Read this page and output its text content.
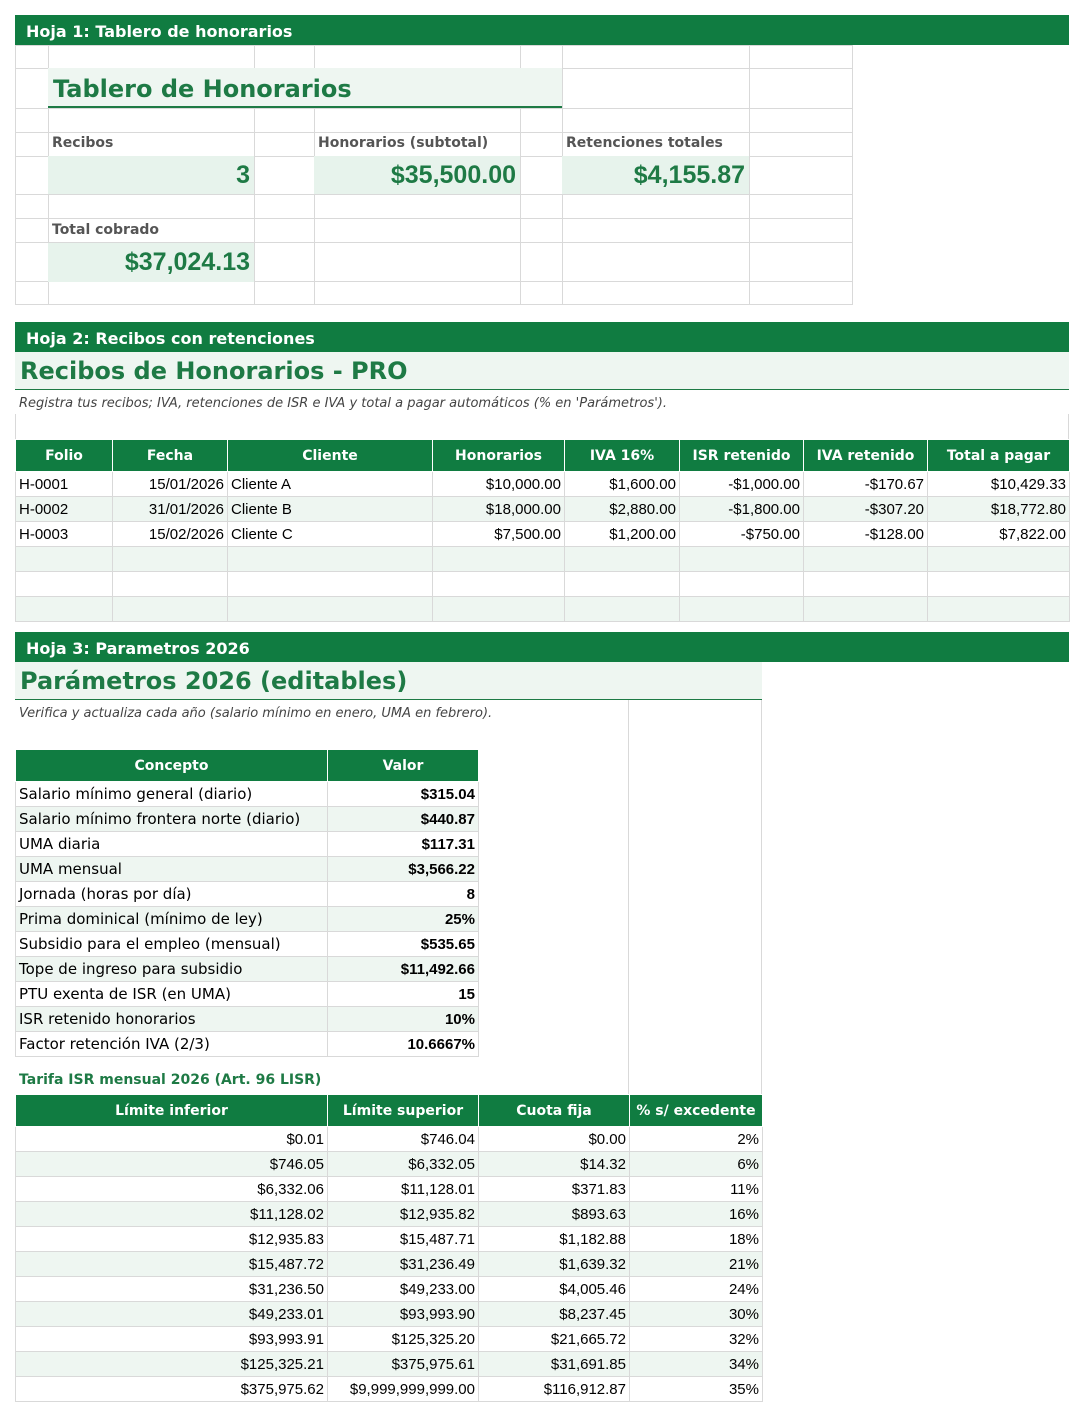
Hoja 1: Tablero de honorarios
Tablero de Honorarios
Recibos
3
Honorarios (subtotal)
$35,500.00
Retenciones totales
$4,155.87
Total cobrado
$37,024.13
Hoja 2: Recibos con retenciones
Recibos de Honorarios - PRO
Registra tus recibos; IVA, retenciones de ISR e IVA y total a pagar automáticos (% en 'Parámetros').
Folio	Fecha	Cliente	Honorarios	IVA 16%	ISR retenido	IVA retenido	Total a pagar
H-0001	15/01/2026	Cliente A	$10,000.00	$1,600.00	-$1,000.00	-$170.67	$10,429.33
H-0002	31/01/2026	Cliente B	$18,000.00	$2,880.00	-$1,800.00	-$307.20	$18,772.80
H-0003	15/02/2026	Cliente C	$7,500.00	$1,200.00	-$750.00	-$128.00	$7,822.00

Hoja 3: Parametros 2026
Parámetros 2026 (editables)
Verifica y actualiza cada año (salario mínimo en enero, UMA en febrero).
Concepto	Valor
Salario mínimo general (diario)	$315.04
Salario mínimo frontera norte (diario)	$440.87
UMA diaria	$117.31
UMA mensual	$3,566.22
Jornada (horas por día)	8
Prima dominical (mínimo de ley)	25%
Subsidio para el empleo (mensual)	$535.65
Tope de ingreso para subsidio	$11,492.66
PTU exenta de ISR (en UMA)	15
ISR retenido honorarios	10%
Factor retención IVA (2/3)	10.6667%
Tarifa ISR mensual 2026 (Art. 96 LISR)
Límite inferior	Límite superior	Cuota fija	% s/ excedente
$0.01	$746.04	$0.00	2%
$746.05	$6,332.05	$14.32	6%
$6,332.06	$11,128.01	$371.83	11%
$11,128.02	$12,935.82	$893.63	16%
$12,935.83	$15,487.71	$1,182.88	18%
$15,487.72	$31,236.49	$1,639.32	21%
$31,236.50	$49,233.00	$4,005.46	24%
$49,233.01	$93,993.90	$8,237.45	30%
$93,993.91	$125,325.20	$21,665.72	32%
$125,325.21	$375,975.61	$31,691.85	34%
$375,975.62	$9,999,999,999.00	$116,912.87	35%
